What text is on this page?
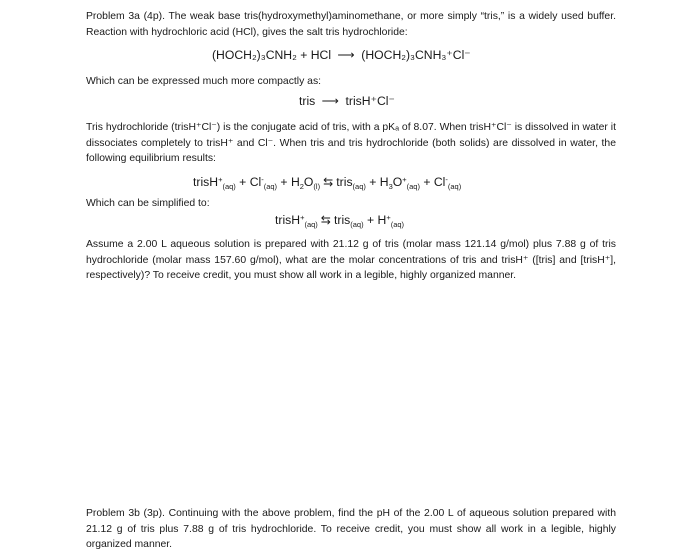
Problem 3a (4p). The weak base tris(hydroxymethyl)aminomethane, or more simply “tris,” is a widely used buffer. Reaction with hydrochloric acid (HCl), gives the salt tris hydrochloride:
(HOCH₂)₃CNH₂ + HCl ⟶ (HOCH₂)₃CNH₃⁺Cl⁻
Which can be expressed much more compactly as:
tris ⟶ trisH⁺Cl⁻
Tris hydrochloride (trisH⁺Cl⁻) is the conjugate acid of tris, with a pKₐ of 8.07. When trisH⁺Cl⁻ is dissolved in water it dissociates completely to trisH⁺ and Cl⁻. When tris and tris hydrochloride (both solids) are dissolved in water, the following equilibrium results:
trisH+$_{(aq)}$ + $Cl^-_{(aq)} + H_2O_{(l)}$ ⇆ tris$_{(aq)}$ + $H_3O^+_{(aq)} + Cl^-_{(aq)}$
Which can be simplified to:
trisH+$_{(aq)}$ ⇆ tris$_{(aq)}$ + $H^+_{(aq)}$
Assume a 2.00 L aqueous solution is prepared with 21.12 g of tris (molar mass 121.14 g/mol) plus 7.88 g of tris hydrochloride (molar mass 157.60 g/mol), what are the molar concentrations of tris and trisH⁺ ([tris] and [trisH⁺], respectively)? To receive credit, you must show all work in a legible, highly organized manner.
Problem 3b (3p). Continuing with the above problem, find the pH of the 2.00 L of aqueous solution prepared with 21.12 g of tris plus 7.88 g of tris hydrochloride. To receive credit, you must show all work in a legible, highly organized manner.
